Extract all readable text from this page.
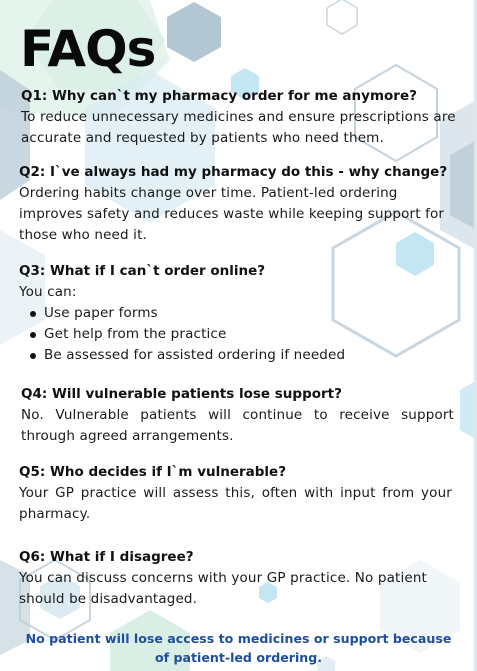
FAQs

Q1: Why can`t my pharmacy order for me anymore?

To reduce unnecessary medicines and ensure prescriptions are accurate and requested by patients who need them.

Q2: I`ve always had my pharmacy do this - why change?

Ordering habits change over time. Patient-led ordering improves safety and reduces waste while keeping support for those who need it.

Q3: What if I can`t order online?

You can:

Use paper forms
Get help from the practice
Be assessed for assisted ordering if needed

Q4: Will vulnerable patients lose support?

No. Vulnerable patients will continue to receive support through agreed arrangements.

Q5: Who decides if I`m vulnerable?

Your GP practice will assess this, often with input from your pharmacy.

Q6: What if I disagree?

You can discuss concerns with your GP practice. No patient should be disadvantaged.

No patient will lose access to medicines or support because of patient-led ordering.
